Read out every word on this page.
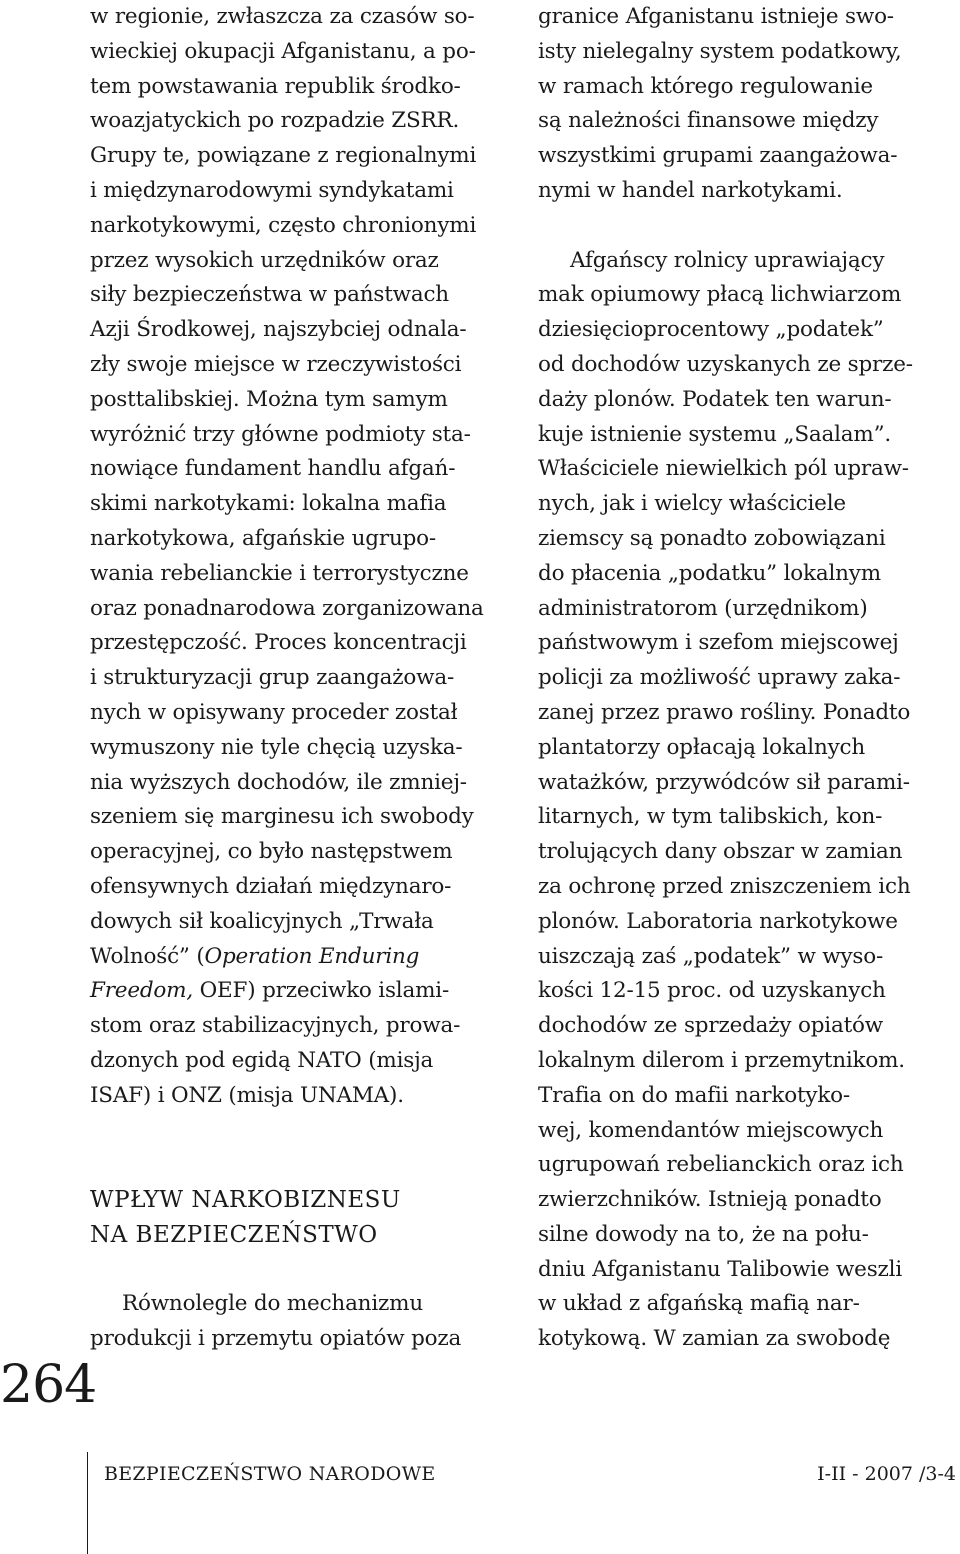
w regionie, zwłaszcza za czasów so-
wieckiej okupacji Afganistanu, a po-
tem powstawania republik środko-
woazjatyckich po rozpadzie ZSRR.
Grupy te, powiązane z regionalnymi
i międzynarodowymi syndykatami
narkotykowymi, często chronionymi
przez wysokich urzędników oraz
siły bezpieczeństwa w państwach
Azji Środkowej, najszybciej odnala-
zły swoje miejsce w rzeczywistości
posttalibskiej. Można tym samym
wyróżnić trzy główne podmioty sta-
nowiące fundament handlu afgań-
skimi narkotykami: lokalna mafia
narkotykowa, afgańskie ugrupo-
wania rebelianckie i terrorystyczne
oraz ponadnarodowa zorganizowana
przestępczość. Proces koncentracji
i strukturyzacji grup zaangażowa-
nych w opisywany proceder został
wymuszony nie tyle chęcią uzyska-
nia wyższych dochodów, ile zmniej-
szeniem się marginesu ich swobody
operacyjnej, co było następstwem
ofensywnych działań międzynaro-
dowych sił koalicyjnych „Trwała
Wolność” (Operation Enduring
Freedom, OEF) przeciwko islami-
stom oraz stabilizacyjnych, prowa-
dzonych pod egidą NATO (misja
ISAF) i ONZ (misja UNAMA).
WPŁYW NARKOBIZNESU
NA BEZPIECZEŃSTWO
Równolegle do mechanizmu
produkcji i przemytu opiatów poza
granice Afganistanu istnieje swo-
isty nielegalny system podatkowy,
w ramach którego regulowanie
są należności finansowe między
wszystkimi grupami zaangażowa-
nymi w handel narkotykami.
Afgańscy rolnicy uprawiający
mak opiumowy płacą lichwiarzom
dziesięcioprocentowy „podatek”
od dochodów uzyskanych ze sprze-
daży plonów. Podatek ten warun-
kuje istnienie systemu „Saalam”.
Właściciele niewielkich pól upraw-
nych, jak i wielcy właściciele
ziemscy są ponadto zobowiązani
do płacenia „podatku” lokalnym
administratorom (urzędnikom)
państwowym i szefom miejscowej
policji za możliwość uprawy zaka-
zanej przez prawo rośliny. Ponadto
plantatorzy opłacają lokalnych
watażków, przywódców sił parami-
litarnych, w tym talibskich, kon-
trolujących dany obszar w zamian
za ochronę przed zniszczeniem ich
plonów. Laboratoria narkotykowe
uiszczają zaś „podatek” w wyso-
kości 12-15 proc. od uzyskanych
dochodów ze sprzedaży opiatów
lokalnym dilerom i przemytnikom.
Trafia on do mafii narkotyko-
wej, komendantów miejscowych
ugrupowań rebelianckich oraz ich
zwierzchników. Istnieją ponadto
silne dowody na to, że na połu-
dniu Afganistanu Talibowie weszli
w układ z afgańską mafią nar-
kotykową. W zamian za swobodę
264
BEZPIECZEŃSTWO NARODOWE	I-II - 2007 /3-4
